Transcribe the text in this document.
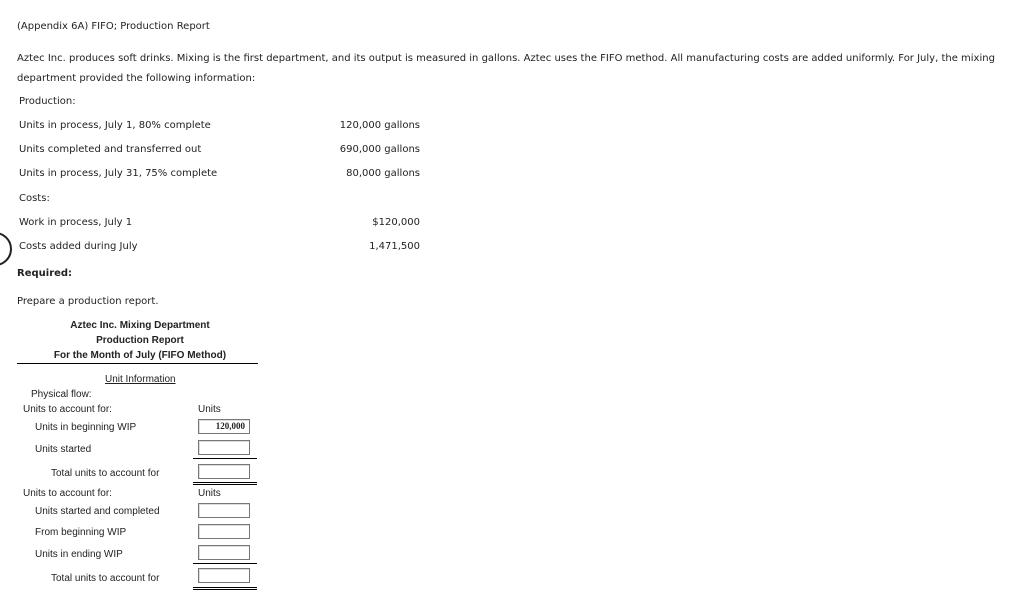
(Appendix 6A) FIFO; Production Report
Aztec Inc. produces soft drinks. Mixing is the first department, and its output is measured in gallons. Aztec uses the FIFO method. All manufacturing costs are added uniformly. For July, the mixing department provided the following information:
Production:
Units in process, July 1, 80% complete	120,000 gallons
Units completed and transferred out	690,000 gallons
Units in process, July 31, 75% complete	80,000 gallons
Costs:
Work in process, July 1	$120,000
Costs added during July	1,471,500
Required:
Prepare a production report.
Aztec Inc. Mixing Department
Production Report
For the Month of July (FIFO Method)
Unit Information
Physical flow:
Units to account for:	Units
Units in beginning WIP	120,000
Units started
Total units to account for
Units to account for:	Units
Units started and completed
From beginning WIP
Units in ending WIP
Total units to account for
